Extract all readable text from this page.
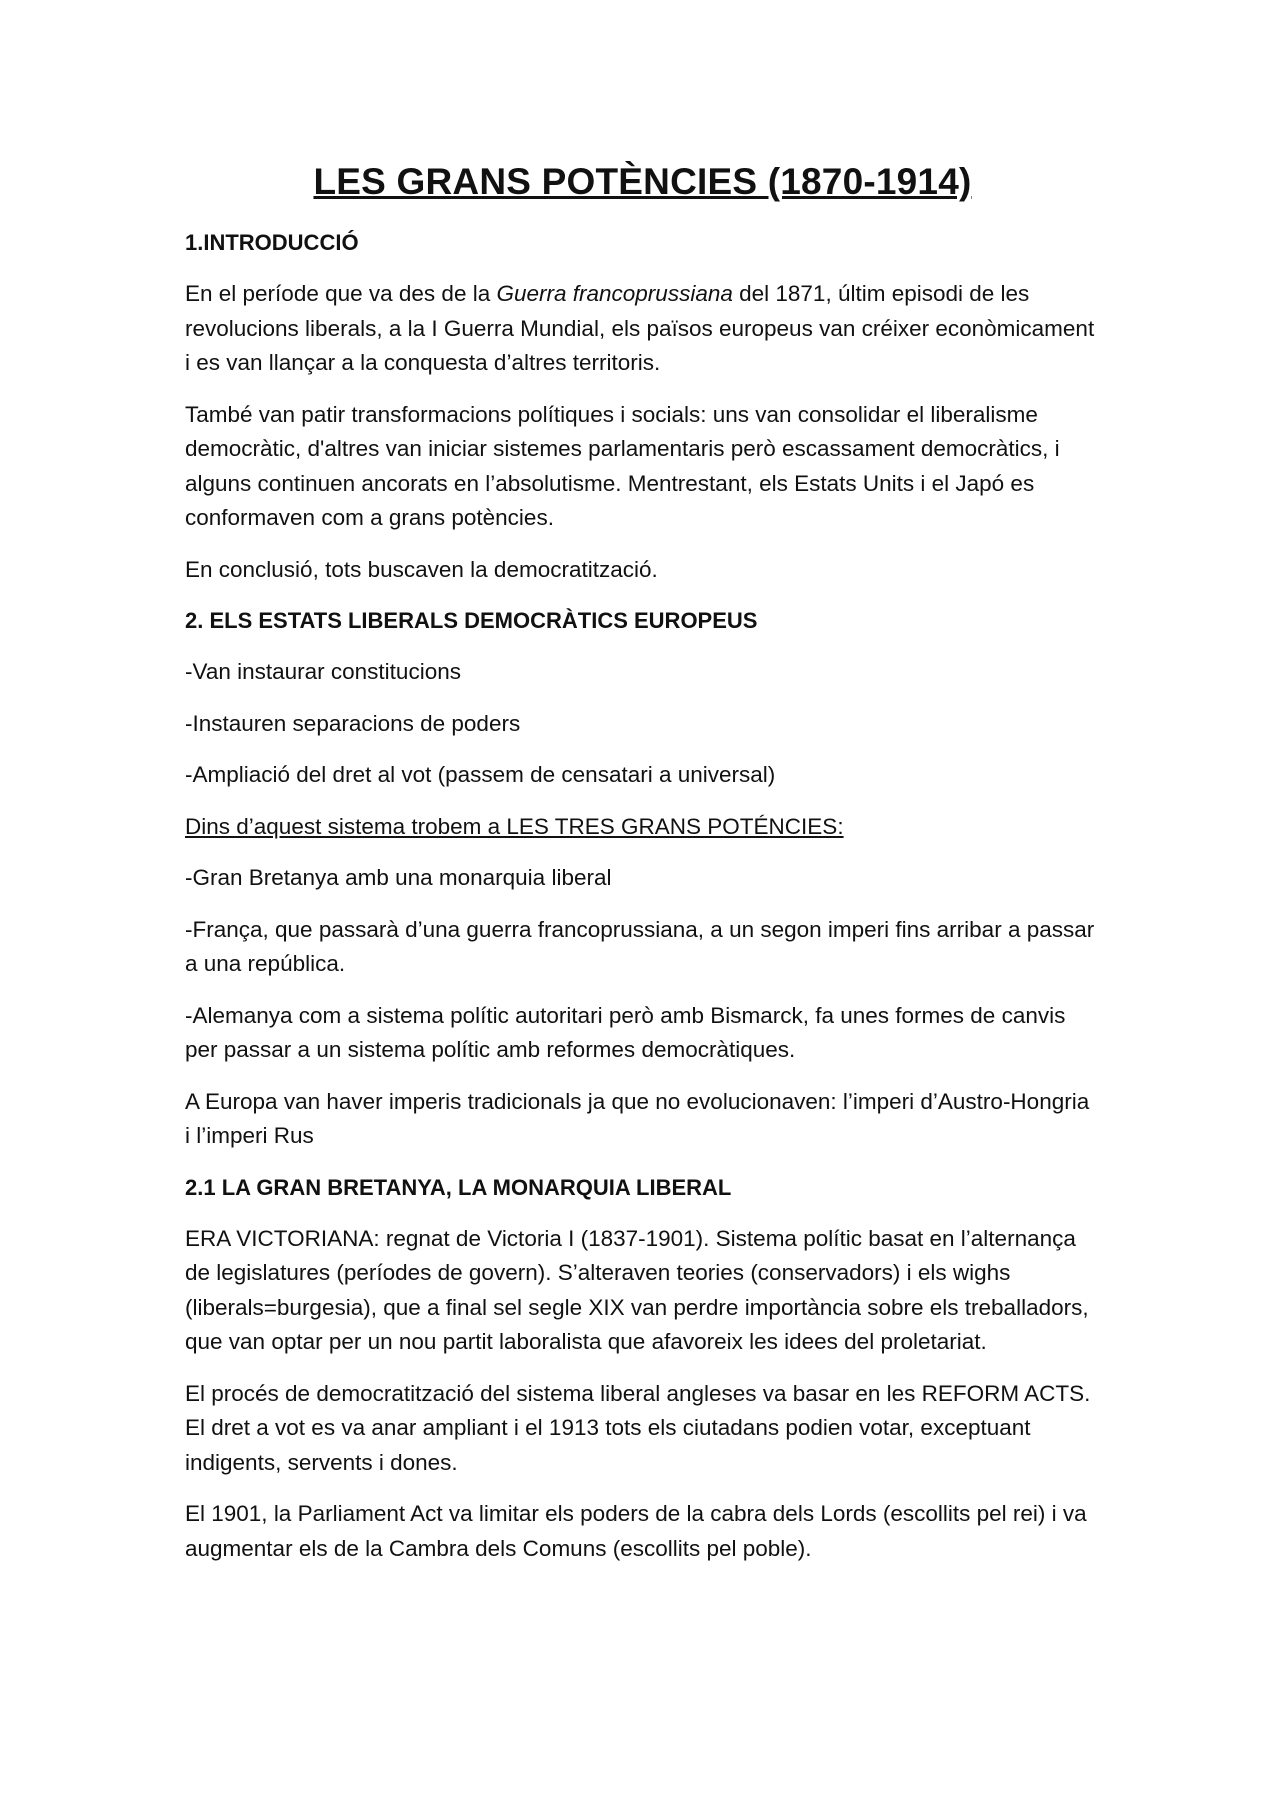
LES GRANS POTÈNCIES (1870-1914)
1.INTRODUCCIÓ

En el període que va des de la Guerra francoprussiana del 1871, últim episodi de les revolucions liberals, a la I Guerra Mundial, els països europeus van créixer econòmicament i es van llançar a la conquesta d’altres territoris.

També van patir transformacions polítiques i socials: uns van consolidar el liberalisme democràtic, d'altres van iniciar sistemes parlamentaris però escassament democràtics, i alguns continuen ancorats en l’absolutisme. Mentrestant, els Estats Units i el Japó es conformaven com a grans potències.

En conclusió, tots buscaven la democratització.

2. ELS ESTATS LIBERALS DEMOCRÀTICS EUROPEUS

-Van instaurar constitucions

-Instauren separacions de poders

-Ampliació del dret al vot (passem de censatari a universal)

Dins d’aquest sistema trobem a LES TRES GRANS POTÉNCIES:

-Gran Bretanya amb una monarquia liberal

-França, que passarà d’una guerra francoprussiana, a un segon imperi fins arribar a passar a una república.

-Alemanya com a sistema polític autoritari però amb Bismarck, fa unes formes de canvis per passar a un sistema polític amb reformes democràtiques.

A Europa van haver imperis tradicionals ja que no evolucionaven: l’imperi d’Austro-Hongria i l’imperi Rus

2.1 LA GRAN BRETANYA, LA MONARQUIA LIBERAL

ERA VICTORIANA: regnat de Victoria I (1837-1901). Sistema polític basat en l’alternança de legislatures (períodes de govern). S’alteraven teories (conservadors) i els wighs (liberals=burgesia), que a final sel segle XIX van perdre importància sobre els treballadors, que van optar per un nou partit laboralista que afavoreix les idees del proletariat.

El procés de democratització del sistema liberal angleses va basar en les REFORM ACTS. El dret a vot es va anar ampliant i el 1913 tots els ciutadans podien votar, exceptuant indigents, servents i dones.

El 1901, la Parliament Act va limitar els poders de la cabra dels Lords (escollits pel rei) i va augmentar els de la Cambra dels Comuns (escollits pel poble).
